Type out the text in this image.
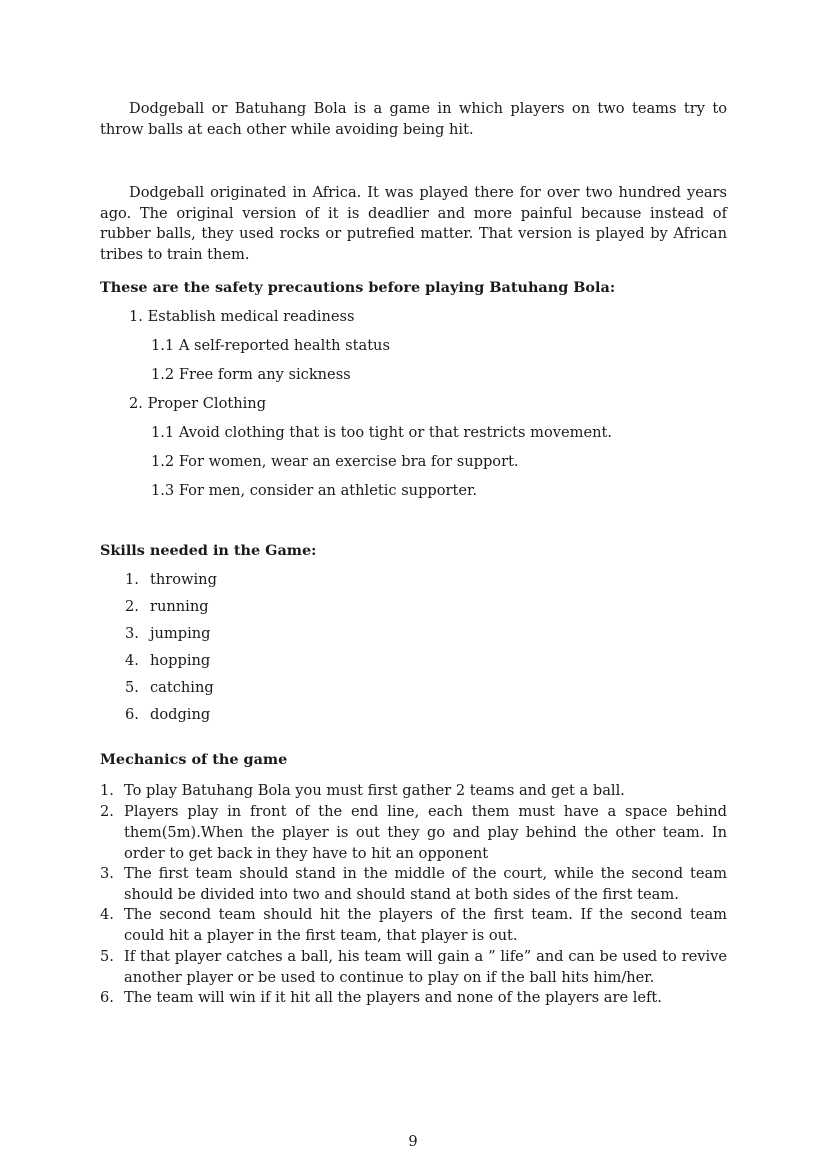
Dodgeball or Batuhang Bola is a game in which players on two teams try to throw balls at each other while avoiding being hit.
Dodgeball originated in Africa. It was played there for over two hundred years ago. The original version of it is deadlier and more painful because instead of rubber balls, they used rocks or putrefied matter. That version is played by African tribes to train them.
These are the safety precautions before playing Batuhang Bola:
1. Establish medical readiness
1.1 A self-reported health status
1.2 Free form any sickness
2. Proper Clothing
1.1 Avoid clothing that is too tight or that restricts movement.
1.2 For women, wear an exercise bra for support.
1.3 For men, consider an athletic supporter.
Skills needed in the Game:
1. throwing
2. running
3. jumping
4. hopping
5. catching
6. dodging
Mechanics of the game
1. To play Batuhang Bola you must first gather 2 teams and get a ball.
2. Players play in front of the end line, each them must have a space behind them(5m).When the player is out they go and play behind the other team. In order to get back in they have to hit an opponent
3. The first team should stand in the middle of the court, while the second team should be divided into two and should stand at both sides of the first team.
4. The second team should hit the players of the first team. If the second team could hit a player in the first team, that player is out.
5. If that player catches a ball, his team will gain a ” life” and can be used to revive another player or be used to continue to play on if the ball hits him/her.
6. The team will win if it hit all the players and none of the players are left.
9
